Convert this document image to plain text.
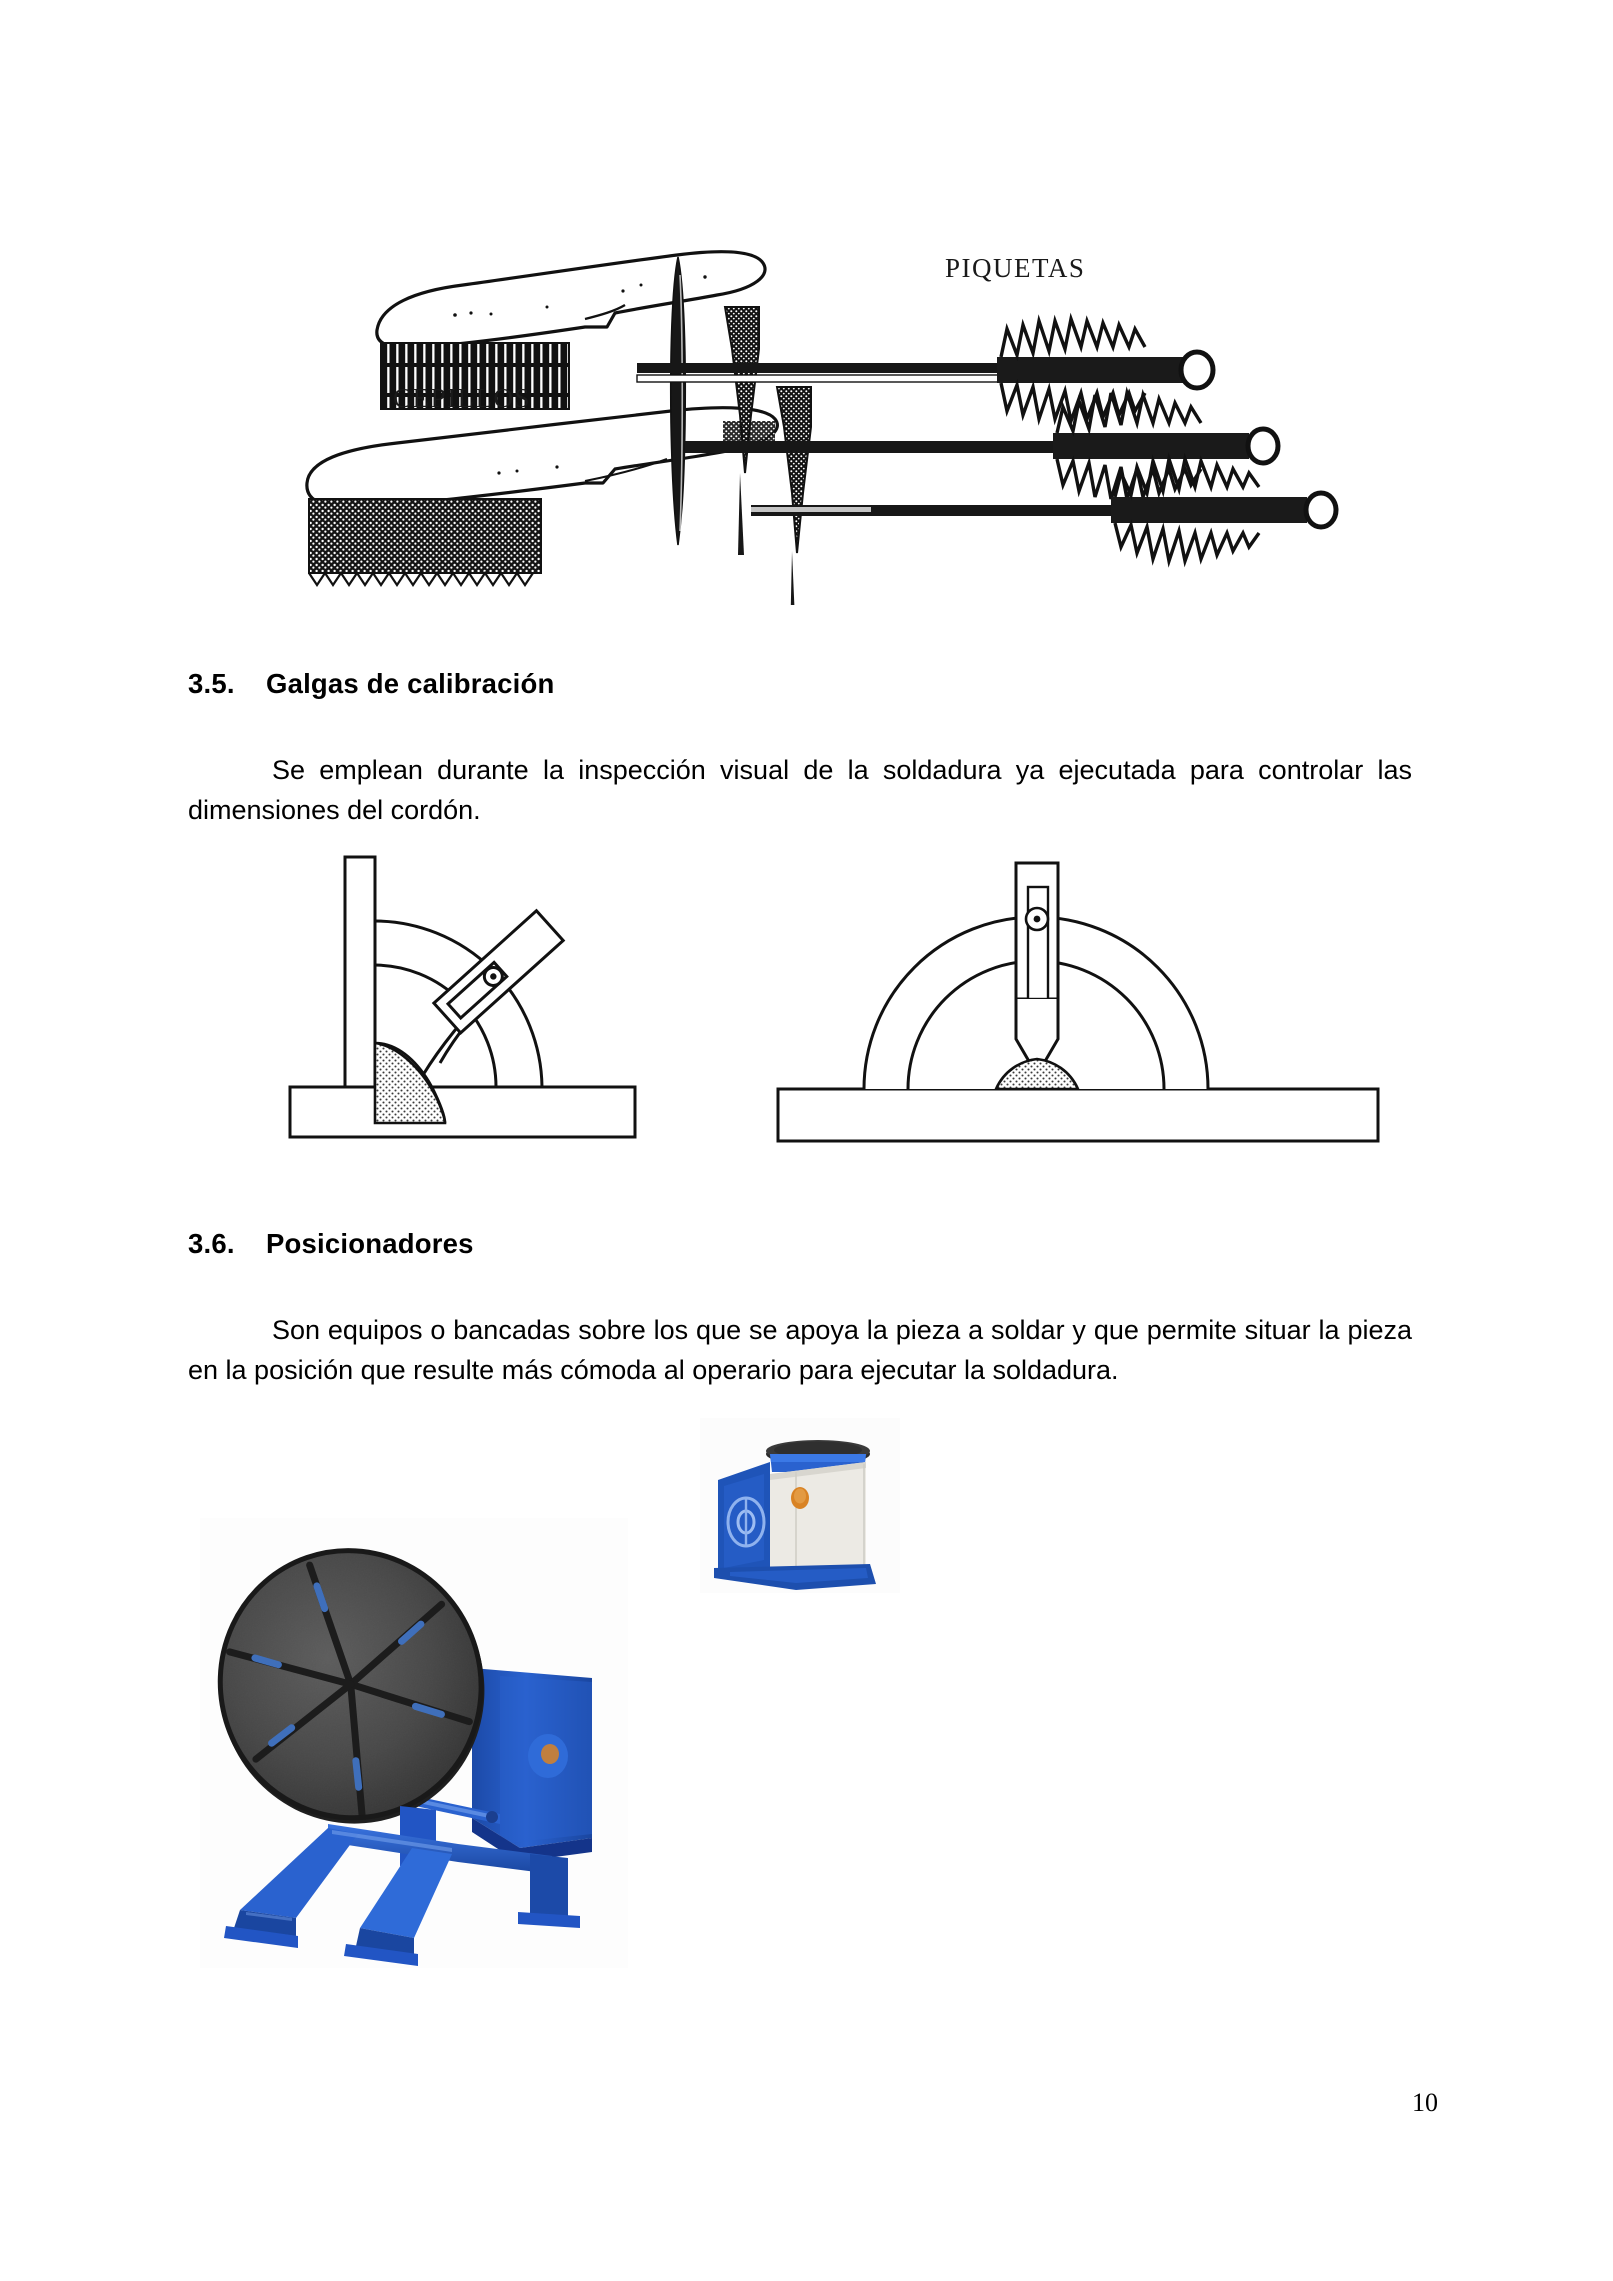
CEPILLOS
PIQUETAS
3.5. Galgas de calibración

Se emplean durante la inspección visual de la soldadura ya ejecutada para controlar las dimensiones del cordón.

3.6. Posicionadores

Son equipos o bancadas sobre los que se apoya la pieza a soldar y que permite situar la pieza en la posición que resulte más cómoda al operario para ejecutar la soldadura.

10
